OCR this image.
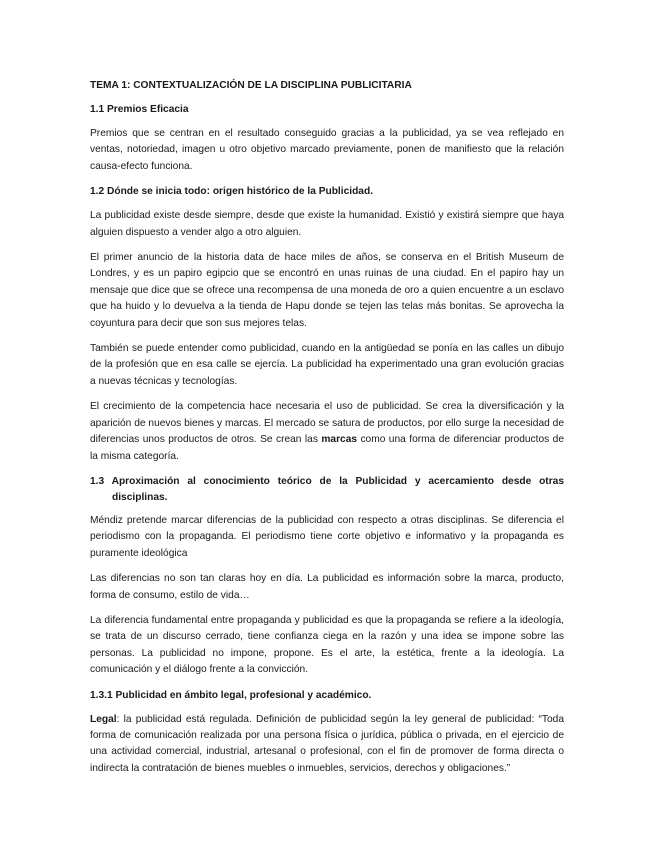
TEMA 1: CONTEXTUALIZACIÓN DE LA DISCIPLINA PUBLICITARIA
1.1 Premios Eficacia

Premios que se centran en el resultado conseguido gracias a la publicidad, ya se vea reflejado en ventas, notoriedad, imagen u otro objetivo marcado previamente, ponen de manifiesto que la relación causa-efecto funciona.

1.2 Dónde se inicia todo: origen histórico de la Publicidad.

La publicidad existe desde siempre, desde que existe la humanidad. Existió y existirá siempre que haya alguien dispuesto a vender algo a otro alguien.

El primer anuncio de la historia data de hace miles de años, se conserva en el British Museum de Londres, y es un papiro egipcio que se encontró en unas ruinas de una ciudad. En el papiro hay un mensaje que dice que se ofrece una recompensa de una moneda de oro a quien encuentre a un esclavo que ha huido y lo devuelva a la tienda de Hapu donde se tejen las telas más bonitas. Se aprovecha la coyuntura para decir que son sus mejores telas.

También se puede entender como publicidad, cuando en la antigüedad se ponía en las calles un dibujo de la profesión que en esa calle se ejercía. La publicidad ha experimentado una gran evolución gracias a nuevas técnicas y tecnologías.

El crecimiento de la competencia hace necesaria el uso de publicidad. Se crea la diversificación y la aparición de nuevos bienes y marcas. El mercado se satura de productos, por ello surge la necesidad de diferencias unos productos de otros. Se crean las marcas como una forma de diferenciar productos de la misma categoría.

1.3 Aproximación al conocimiento teórico de la Publicidad y acercamiento desde otras disciplinas.

Méndiz pretende marcar diferencias de la publicidad con respecto a otras disciplinas. Se diferencia el periodismo con la propaganda. El periodismo tiene corte objetivo e informativo y la propaganda es puramente ideológica

Las diferencias no son tan claras hoy en día. La publicidad es información sobre la marca, producto, forma de consumo, estilo de vida…

La diferencia fundamental entre propaganda y publicidad es que la propaganda se refiere a la ideología, se trata de un discurso cerrado, tiene confianza ciega en la razón y una idea se impone sobre las personas. La publicidad no impone, propone. Es el arte, la estética, frente a la ideología. La comunicación y el diálogo frente a la convicción.

1.3.1 Publicidad en ámbito legal, profesional y académico.

Legal: la publicidad está regulada. Definición de publicidad según la ley general de publicidad: “Toda forma de comunicación realizada por una persona física o jurídica, pública o privada, en el ejercicio de una actividad comercial, industrial, artesanal o profesional, con el fin de promover de forma directa o indirecta la contratación de bienes muebles o inmuebles, servicios, derechos y obligaciones.”
